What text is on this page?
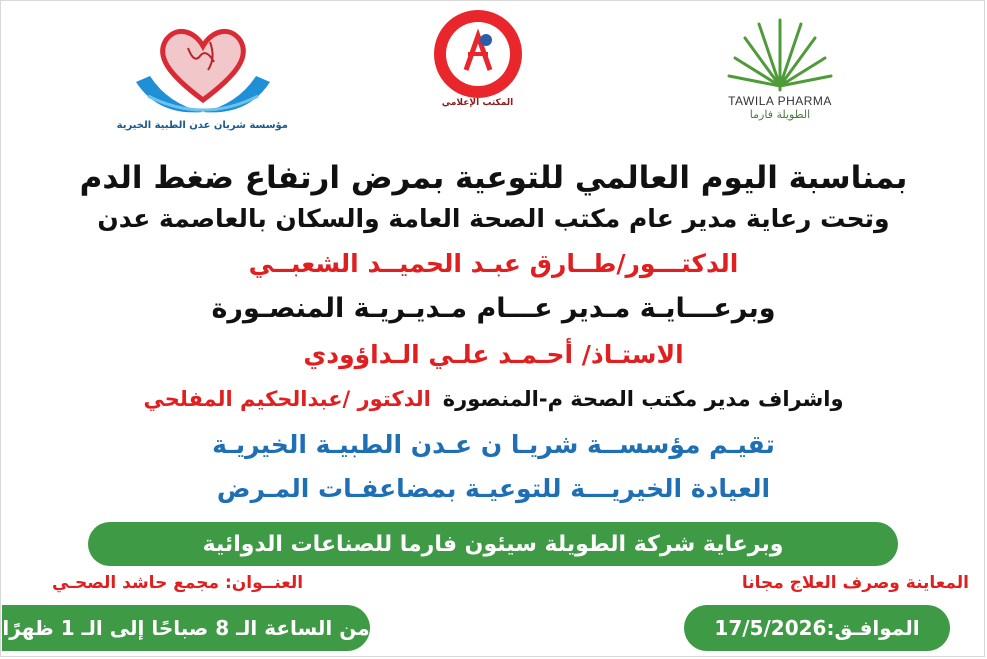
مؤسسة شريان عدن الطبية الخيرية
المكتب الإعلامي	TAWILA PHARMA
الطويلة فارما
بمناسبة اليوم العالمي للتوعية بمرض ارتفاع ضغط الدم
وتحت رعاية مدير عام مكتب الصحة العامة والسكان بالعاصمة عدن
الدكتـــور/طــارق عبـد الحميــد الشعبــي
وبرعـــايـة مـدير عـــام مـديـريـة المنصـورة
الاستـاذ/ أحـمـد علـي الـداؤودي
واشراف مدير مكتب الصحة م-المنصورةالدكتور /عبدالحكيم المفلحي
تقيـم مؤسســة شريـا ن عـدن الطبيـة الخيريـة
العيادة الخيريـــة للتوعيـة بمضاعفـات المـرض
وبرعاية شركة الطويلة سيئون فارما للصناعات الدوائية
العنــوان: مجمع حاشد الصحـي	المعاينة وصرف العلاج مجانا
من الساعة الـ 8 صباحًا إلى الـ 1 ظهرًا	الموافـق:17/5/2026
